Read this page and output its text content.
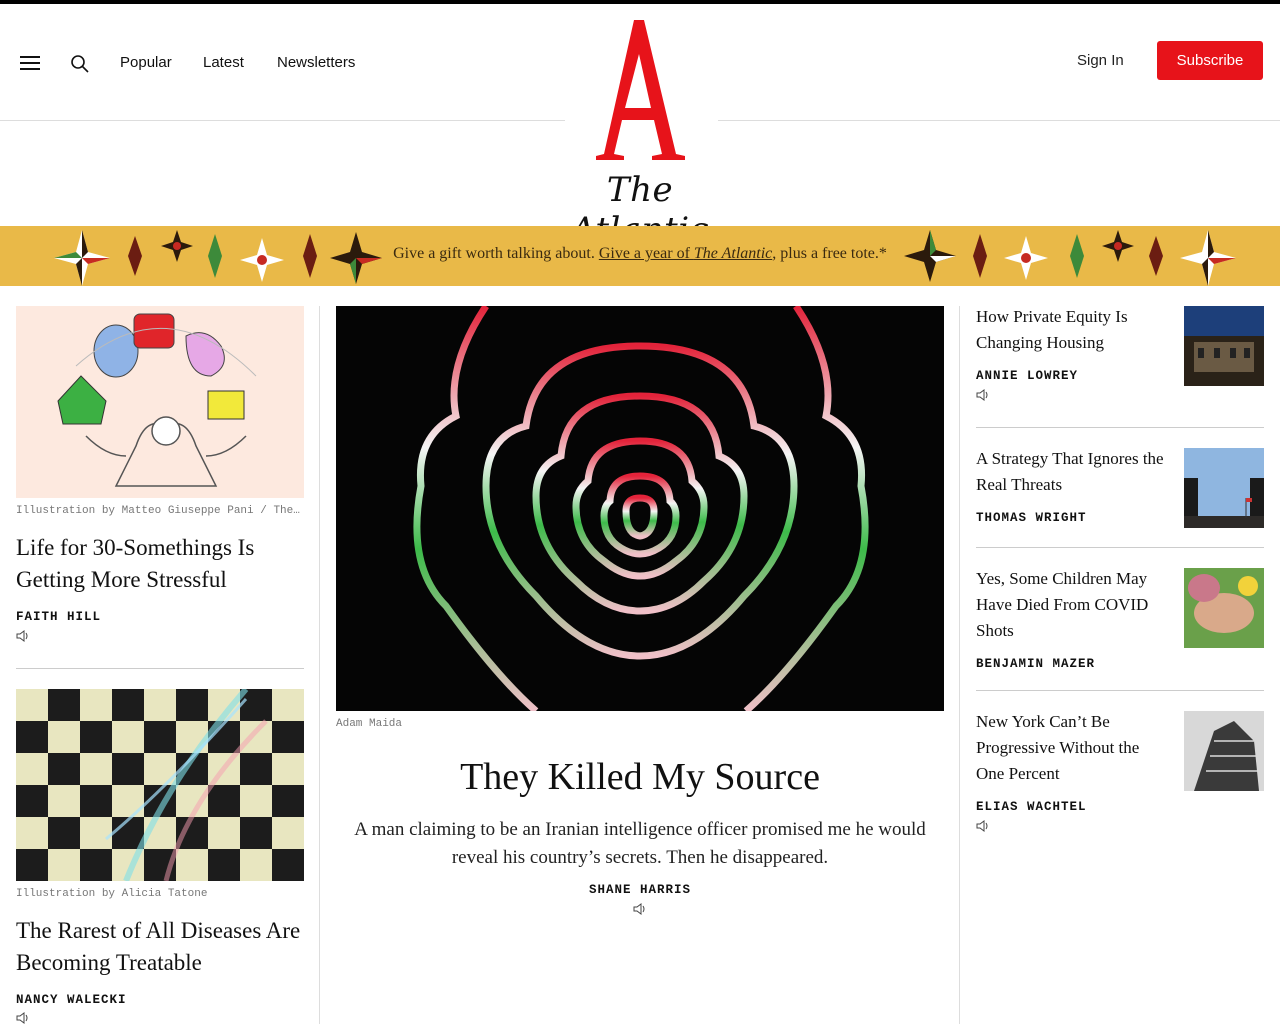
Popular Latest Newsletters
The
Sign In	Subscribe
Give a gift worth talking about. Give a year of The Atlantic, plus a free tote.*
Illustration by Matteo Giuseppe Pani / The…
Life for 30-Somethings Is Getting More Stressful
FAITH HILL
Illustration by Alicia Tatone
The Rarest of All Diseases Are Becoming Treatable
NANCY WALECKI
Adam Maida
They Killed My Source
A man claiming to be an Iranian intelligence officer promised me he would reveal his country’s secrets. Then he disappeared.
SHANE HARRIS
How Private Equity Is Changing Housing
ANNIE LOWREY
A Strategy That Ignores the Real Threats
THOMAS WRIGHT
Yes, Some Children May Have Died From COVID Shots
BENJAMIN MAZER
New York Can’t Be Progressive Without the One Percent
ELIAS WACHTEL
